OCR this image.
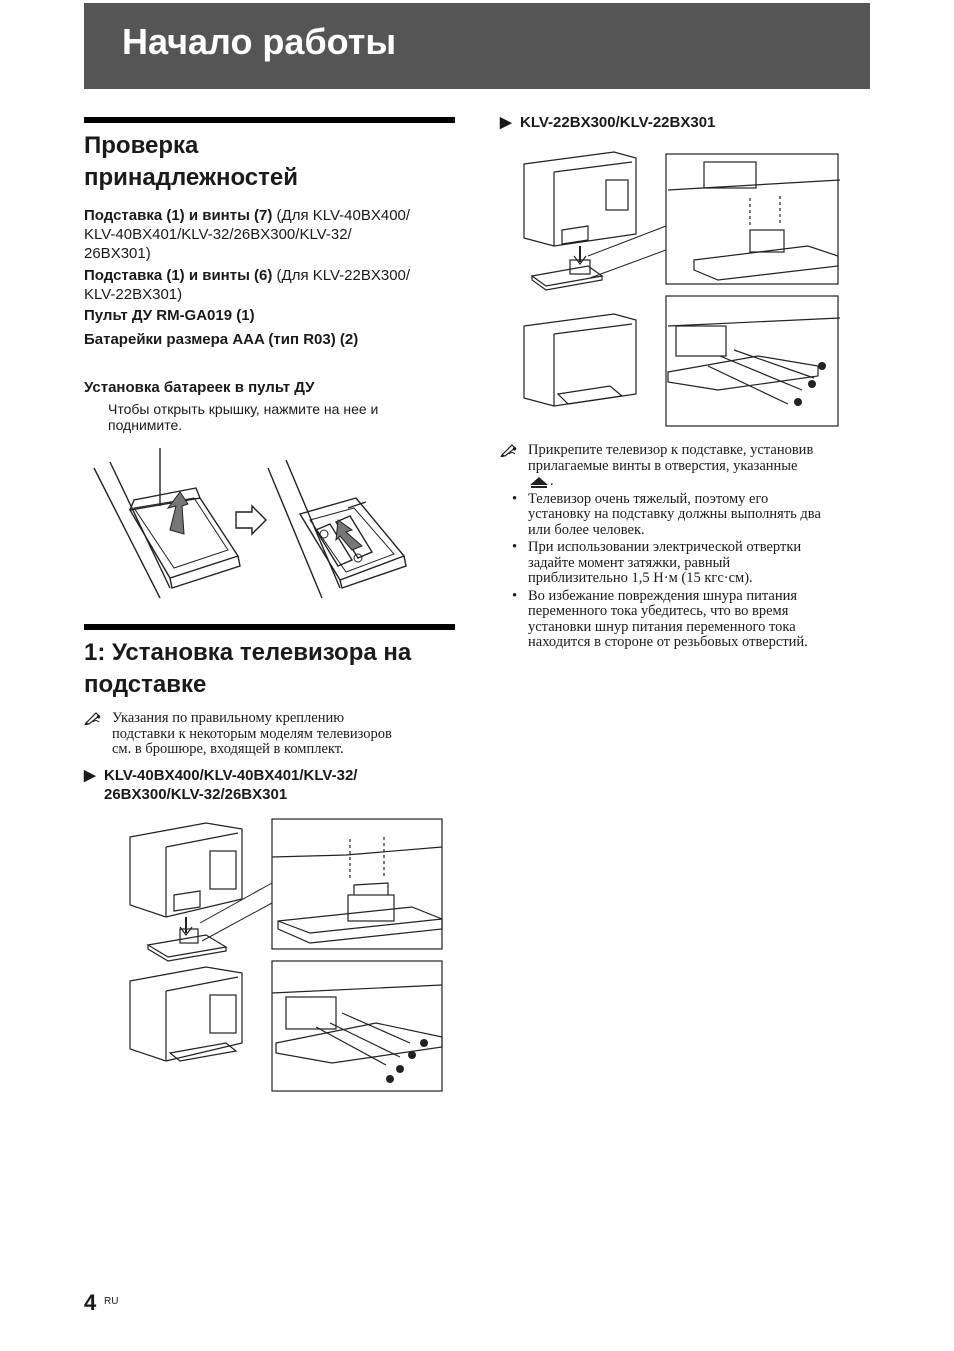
Начало работы
Проверка
принадлежностей
Подставка (1) и винты (7) (Для KLV-40BX400/
KLV-40BX401/KLV-32/26BX300/KLV-32/
26BX301)
Подставка (1) и винты (6) (Для KLV-22BX300/
KLV-22BX301)
Пульт ДУ RM-GA019 (1)
Батарейки размера AAA (тип R03) (2)
Установка батареек в пульт ДУ
Чтобы открыть крышку, нажмите на нее и
поднимите.
1: Установка телевизора на
подставке
• Указания по правильному креплению
подставки к некоторым моделям телевизоров
см. в брошюре, входящей в комплект.
▶ KLV-40BX400/KLV-40BX401/KLV-32/
26BX300/KLV-32/26BX301
▶ KLV-22BX300/KLV-22BX301
• Прикрепите телевизор к подставке, установив
прилагаемые винты в отверстия, указанные
.
• Телевизор очень тяжелый, поэтому его
установку на подставку должны выполнять два
или более человек.
• При использовании электрической отвертки
задайте момент затяжки, равный
приблизительно 1,5 Н·м (15 кгс·см).
• Во избежание повреждения шнура питания
переменного тока убедитесь, что во время
установки шнур питания переменного тока
находится в стороне от резьбовых отверстий.
4 RU
